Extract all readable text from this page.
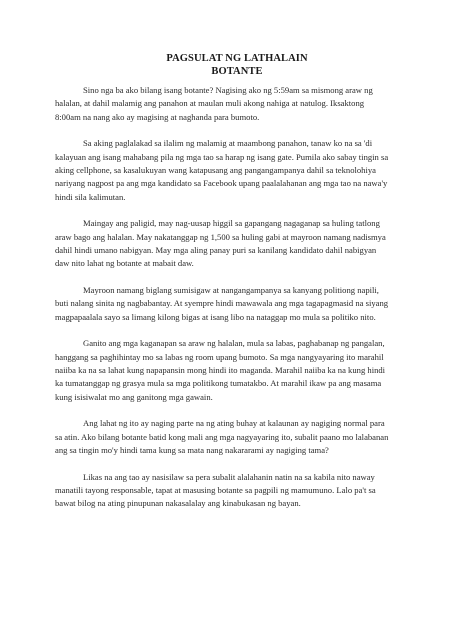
PAGSULAT NG LATHALAIN
BOTANTE

Sino nga ba ako bilang isang botante? Nagising ako ng 5:59am sa mismong araw ng
halalan, at dahil malamig ang panahon at maulan muli akong nahiga at natulog. Iksaktong
8:00am na nang ako ay magising at naghanda para bumoto.

Sa aking paglalakad sa ilalim ng malamig at maambong panahon, tanaw ko na sa 'di
kalayuan ang isang mahabang pila ng mga tao sa harap ng isang gate. Pumila ako sabay tingin sa
aking cellphone, sa kasalukuyan wang katapusang ang pangangampanya dahil sa teknolohiya
nariyang nagpost pa ang mga kandidato sa Facebook upang paalalahanan ang mga tao na nawa'y
hindi sila kalimutan.

Maingay ang paligid, may nag-uusap higgil sa gapangang nagaganap sa huling tatlong
araw bago ang halalan. May nakatanggap ng 1,500 sa huling gabi at mayroon namang nadismya
dahil hindi umano nabigyan. May mga aling panay puri sa kanilang kandidato dahil nabigyan
daw nito lahat ng botante at mabait daw.

Mayroon namang biglang sumisigaw at nangangampanya sa kanyang politiong napili,
buti nalang sinita ng nagbabantay. At syempre hindi mawawala ang mga tagapagmasid na siyang
magpapaalala sayo sa limang kilong bigas at isang libo na nataggap mo mula sa politiko nito.

Ganito ang mga kaganapan sa araw ng halalan, mula sa labas, paghabanap ng pangalan,
hanggang sa paghihintay mo sa labas ng room upang bumoto. Sa mga nangyayaring ito marahil
naiiba ka na sa lahat kung napapansin mong hindi ito maganda. Marahil naiiba ka na kung hindi
ka tumatanggap ng grasya mula sa mga politikong tumatakbo. At marahil ikaw pa ang masama
kung isisiwalat mo ang ganitong mga gawain.

Ang lahat ng ito ay naging parte na ng ating buhay at kalaunan ay nagiging normal para
sa atin. Ako bilang botante batid kong mali ang mga nagyayaring ito, subalit paano mo lalabanan
ang sa tingin mo'y hindi tama kung sa mata nang nakararami ay nagiging tama?

Likas na ang tao ay nasisilaw sa pera subalit alalahanin natin na sa kabila nito naway
manatili tayong responsable, tapat at masusing botante sa pagpili ng mamumuno. Lalo pa't sa
bawat bilog na ating pinupunan nakasalalay ang kinabukasan ng bayan.
